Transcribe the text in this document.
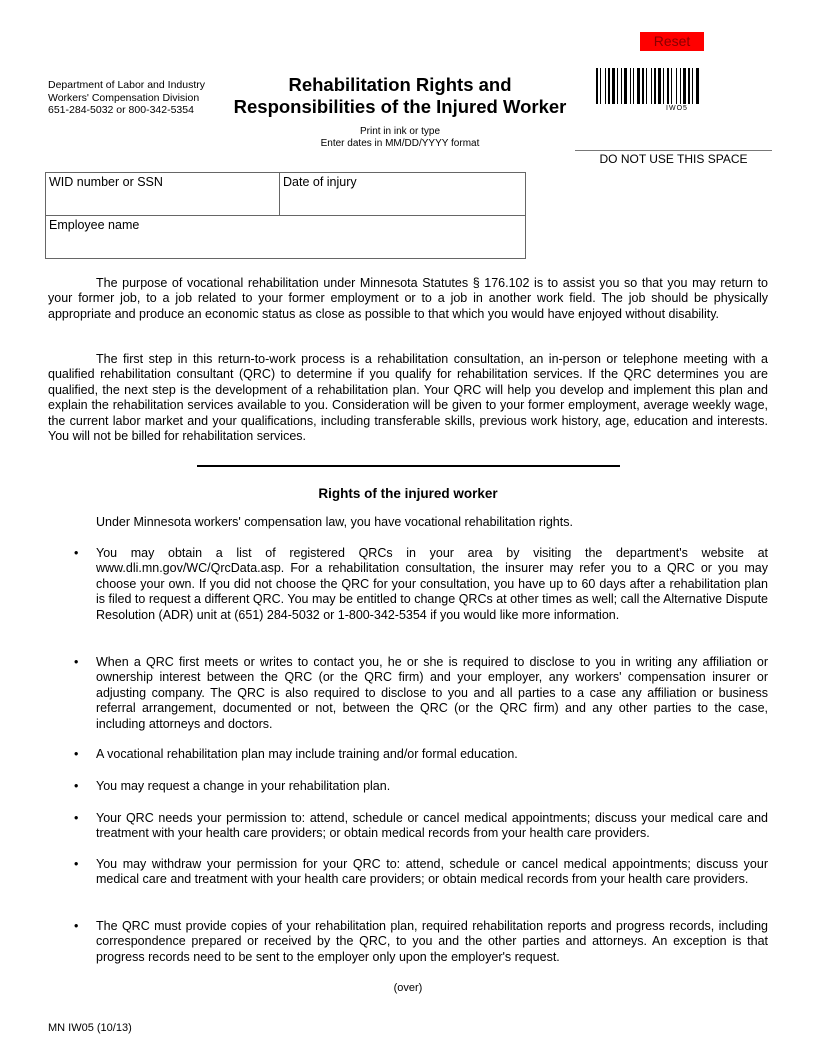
Reset
Department of Labor and Industry
Workers' Compensation Division
651-284-5032 or 800-342-5354
Rehabilitation Rights and
Responsibilities of the Injured Worker
Print in ink or type
Enter dates in MM/DD/YYYY format
IWO5
DO NOT USE THIS SPACE
WID number or SSN	Date of injury
Employee name

The purpose of vocational rehabilitation under Minnesota Statutes § 176.102 is to assist you so that you may return to your former job, to a job related to your former employment or to a job in another work field. The job should be physically appropriate and produce an economic status as close as possible to that which you would have enjoyed without disability.

The first step in this return-to-work process is a rehabilitation consultation, an in-person or telephone meeting with a qualified rehabilitation consultant (QRC) to determine if you qualify for rehabilitation services. If the QRC determines you are qualified, the next step is the development of a rehabilitation plan. Your QRC will help you develop and implement this plan and explain the rehabilitation services available to you. Consideration will be given to your former employment, average weekly wage, the current labor market and your qualifications, including transferable skills, previous work history, age, education and interests. You will not be billed for rehabilitation services.

Rights of the injured worker
Under Minnesota workers' compensation law, you have vocational rehabilitation rights.
• You may obtain a list of registered QRCs in your area by visiting the department's website at www.dli.mn.gov/WC/QrcData.asp. For a rehabilitation consultation, the insurer may refer you to a QRC or you may choose your own. If you did not choose the QRC for your consultation, you have up to 60 days after a rehabilitation plan is filed to request a different QRC. You may be entitled to change QRCs at other times as well; call the Alternative Dispute Resolution (ADR) unit at (651) 284-5032 or 1-800-342-5354 if you would like more information.
• When a QRC first meets or writes to contact you, he or she is required to disclose to you in writing any affiliation or ownership interest between the QRC (or the QRC firm) and your employer, any workers' compensation insurer or adjusting company. The QRC is also required to disclose to you and all parties to a case any affiliation or business referral arrangement, documented or not, between the QRC (or the QRC firm) and any other parties to the case, including attorneys and doctors.
• A vocational rehabilitation plan may include training and/or formal education.
• You may request a change in your rehabilitation plan.
• Your QRC needs your permission to: attend, schedule or cancel medical appointments; discuss your medical care and treatment with your health care providers; or obtain medical records from your health care providers.
• You may withdraw your permission for your QRC to: attend, schedule or cancel medical appointments; discuss your medical care and treatment with your health care providers; or obtain medical records from your health care providers.
• The QRC must provide copies of your rehabilitation plan, required rehabilitation reports and progress records, including correspondence prepared or received by the QRC, to you and the other parties and attorneys. An exception is that progress records need to be sent to the employer only upon the employer's request.
(over)
MN IW05 (10/13)
